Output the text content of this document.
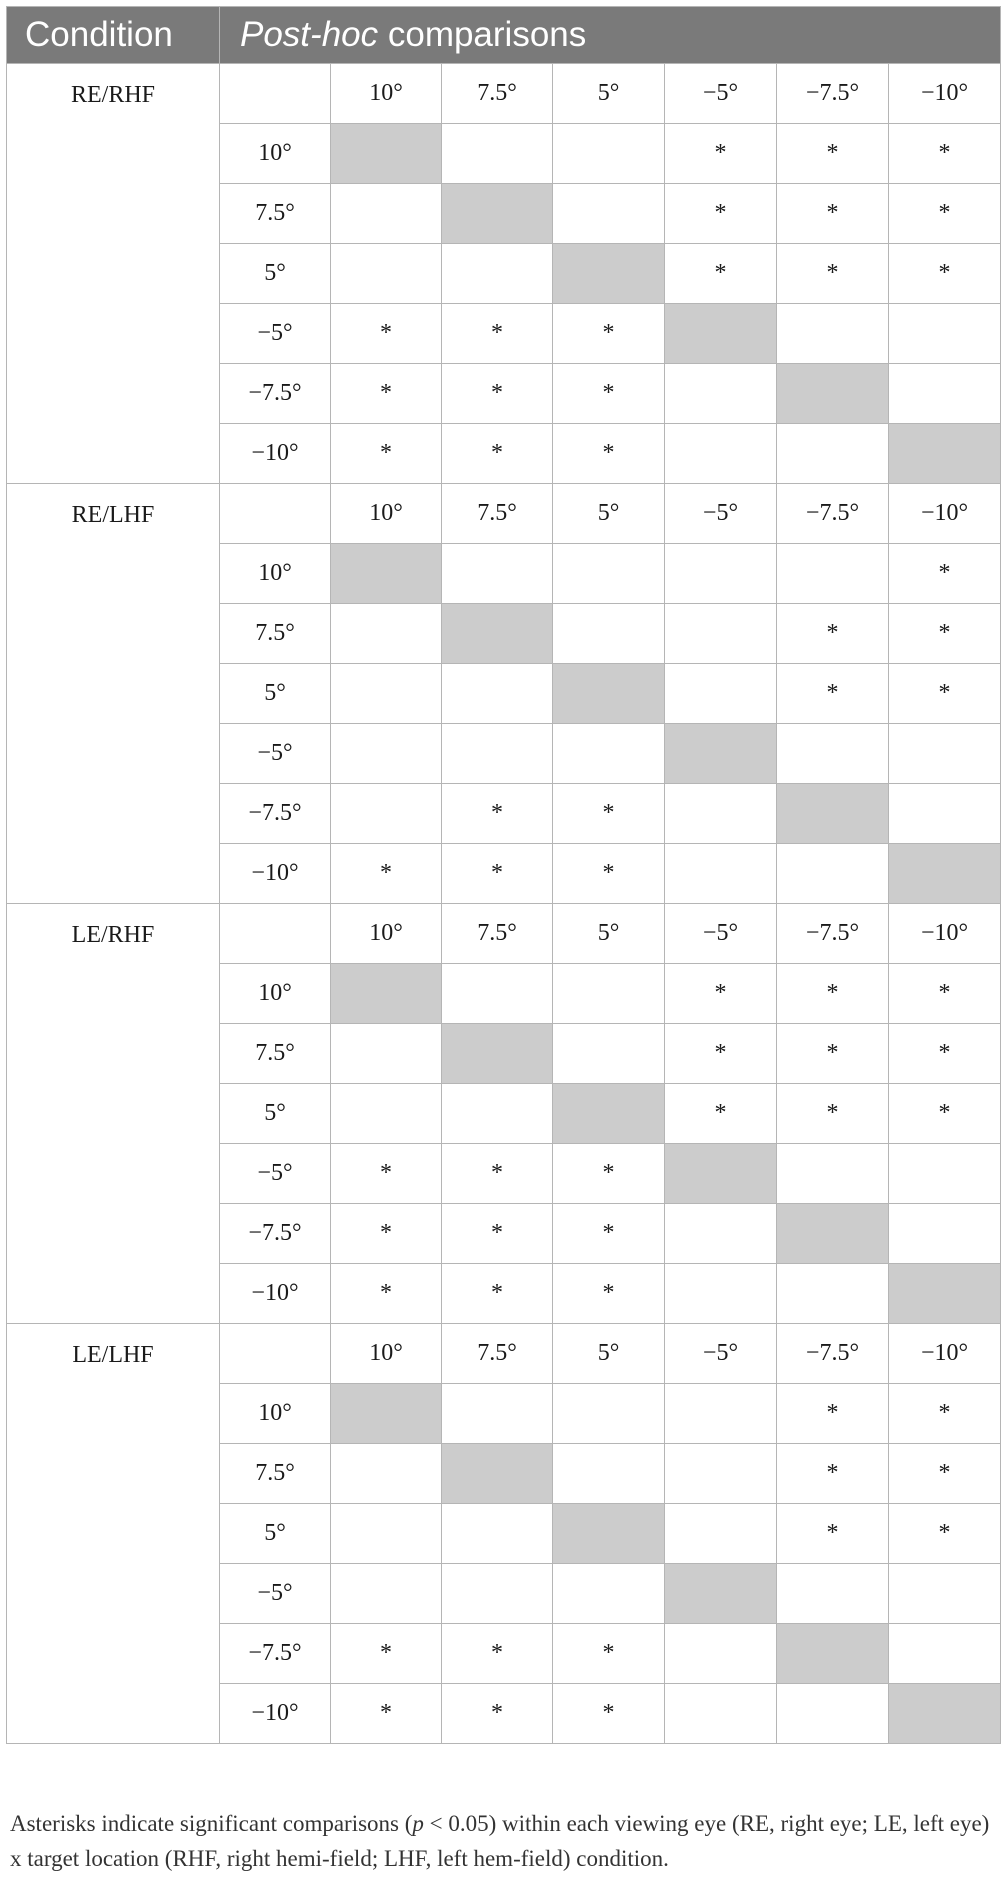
Condition	Post-hoc comparisons						
RE/RHF		10°	7.5°	5°	−5°	−7.5°	−10°
	10°				*	*	*
	7.5°				*	*	*
	5°				*	*	*
	−5°	*	*	*			
	−7.5°	*	*	*			
	−10°	*	*	*			
RE/LHF		10°	7.5°	5°	−5°	−7.5°	−10°
	10°						*
	7.5°					*	*
	5°					*	*
	−5°						
	−7.5°		*	*			
	−10°	*	*	*			
LE/RHF		10°	7.5°	5°	−5°	−7.5°	−10°
	10°				*	*	*
	7.5°				*	*	*
	5°				*	*	*
	−5°	*	*	*			
	−7.5°	*	*	*			
	−10°	*	*	*			
LE/LHF		10°	7.5°	5°	−5°	−7.5°	−10°
	10°					*	*
	7.5°					*	*
	5°					*	*
	−5°						
	−7.5°	*	*	*			
	−10°	*	*	*			
Asterisks indicate significant comparisons (p < 0.05) within each viewing eye (RE, right eye; LE, left eye) x target location (RHF, right hemi-field; LHF, left hem-field) condition.
